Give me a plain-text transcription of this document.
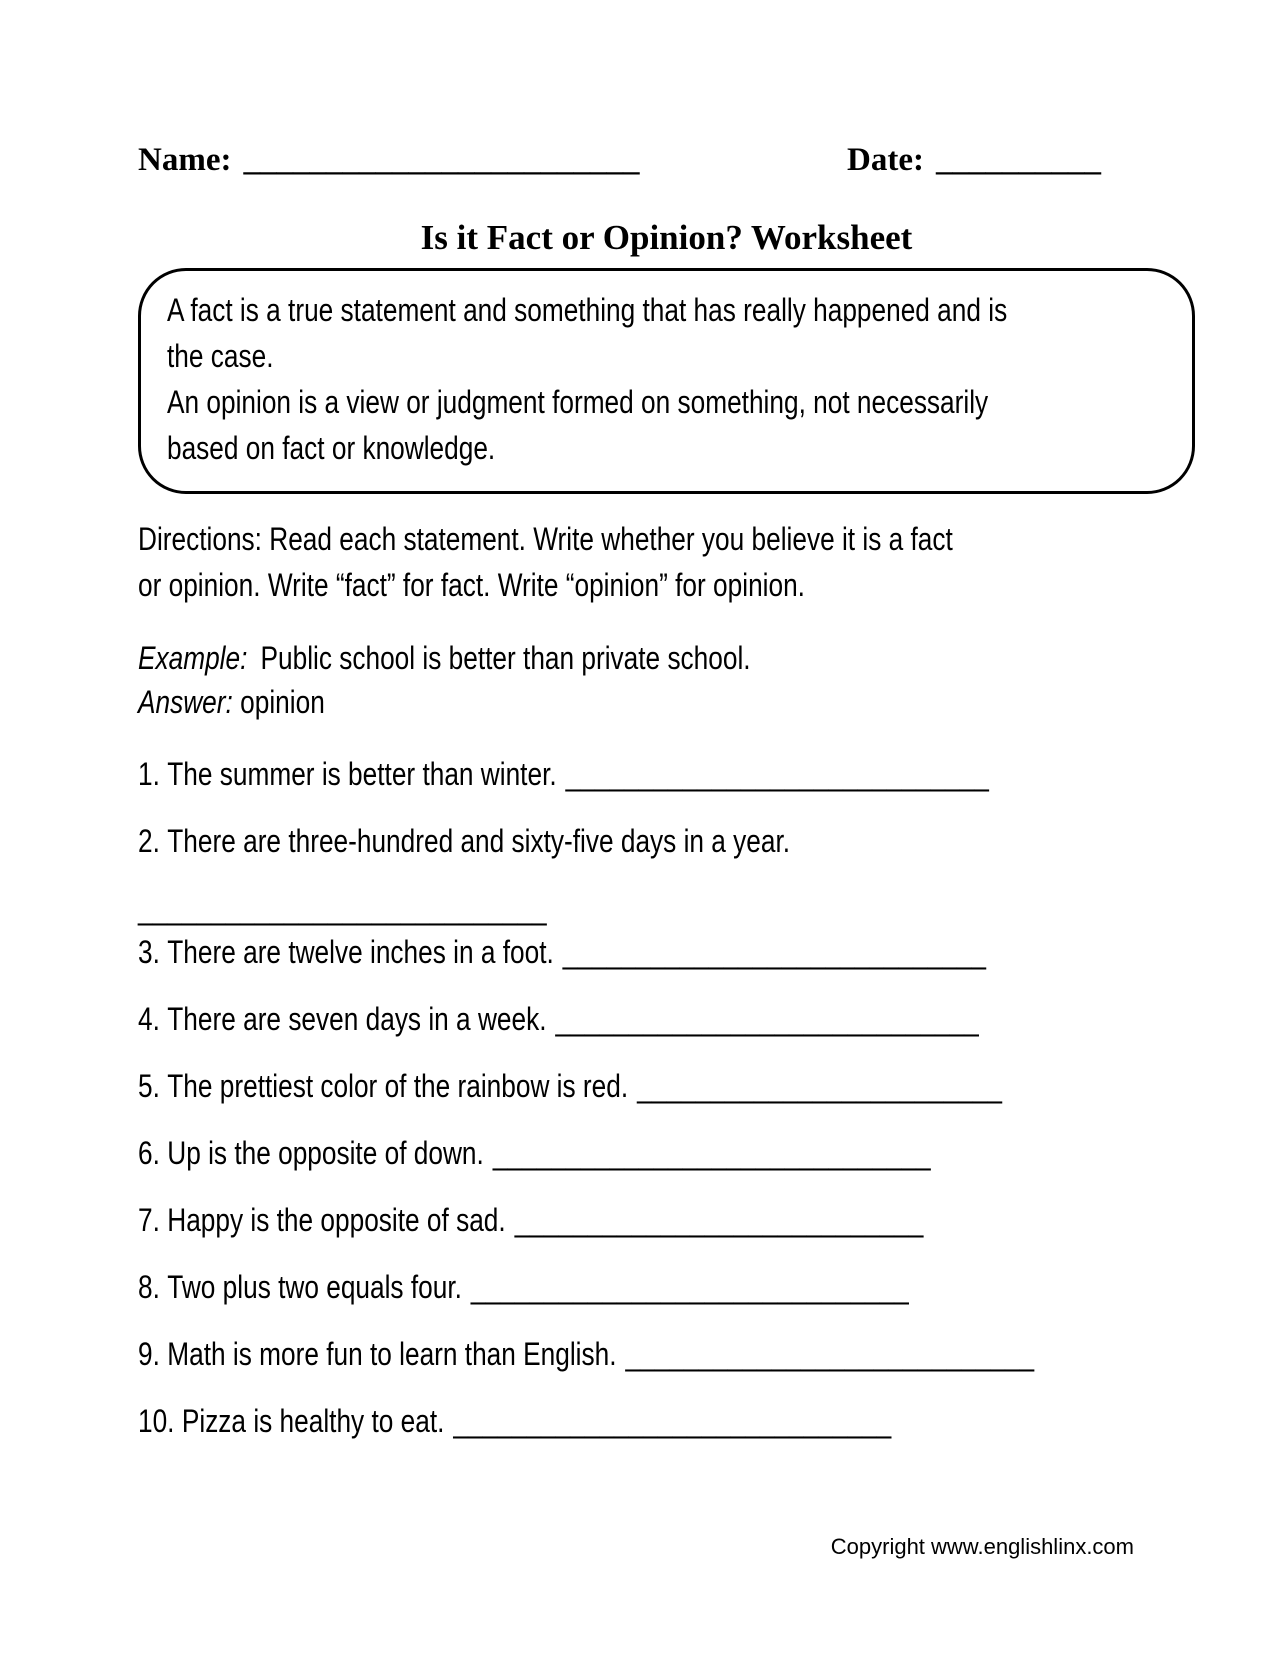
Name: ________________________	Date: __________
Is it Fact or Opinion? Worksheet
A fact is a true statement and something that has really happened and is
the case.
An opinion is a view or judgment formed on something, not necessarily
based on fact or knowledge.
Directions: Read each statement. Write whether you believe it is a fact
or opinion. Write “fact” for fact. Write “opinion” for opinion.
Example: Public school is better than private school.
Answer: opinion

1. The summer is better than winter. _____________________________

2. There are three-hundred and sixty-five days in a year.

____________________________

3. There are twelve inches in a foot. _____________________________

4. There are seven days in a week. _____________________________

5. The prettiest color of the rainbow is red. _________________________

6. Up is the opposite of down. ______________________________

7. Happy is the opposite of sad. ____________________________

8. Two plus two equals four. ______________________________

9. Math is more fun to learn than English. ____________________________

10. Pizza is healthy to eat. ______________________________

Copyright www.englishlinx.com
